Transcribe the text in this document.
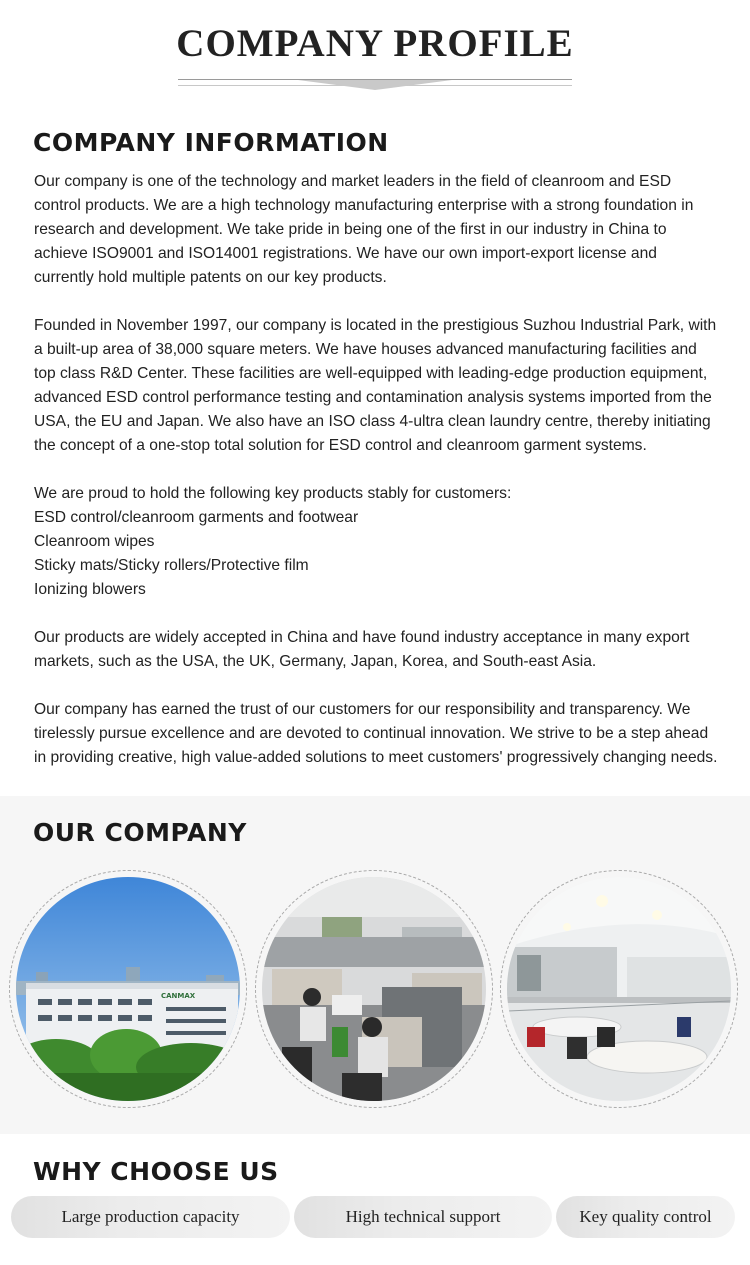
COMPANY PROFILE
COMPANY INFORMATION

Our company is one of the technology and market leaders in the field of cleanroom and ESD
control products. We are a high technology manufacturing enterprise with a strong foundation in
research and development. We take pride in being one of the first in our industry in China to
achieve ISO9001 and ISO14001 registrations. We have our own import-export license and
currently hold multiple patents on our key products.

Founded in November 1997, our company is located in the prestigious Suzhou Industrial Park, with
a built-up area of 38,000 square meters. We have houses advanced manufacturing facilities and
top class R&D Center. These facilities are well-equipped with leading-edge production equipment,
advanced ESD control performance testing and contamination analysis systems imported from the
USA, the EU and Japan. We also have an ISO class 4-ultra clean laundry centre, thereby initiating
the concept of a one-stop total solution for ESD control and cleanroom garment systems.

We are proud to hold the following key products stably for customers:
ESD control/cleanroom garments and footwear
Cleanroom wipes
Sticky mats/Sticky rollers/Protective film
Ionizing blowers

Our products are widely accepted in China and have found industry acceptance in many export
markets, such as the USA, the UK, Germany, Japan, Korea, and South-east Asia.

Our company has earned the trust of our customers for our responsibility and transparency. We
tirelessly pursue excellence and are devoted to continual innovation. We strive to be a step ahead
in providing creative, high value-added solutions to meet customers' progressively changing needs.

OUR COMPANY
CANMAX
WHY CHOOSE US
Large production capacity	High technical support	Key quality control
